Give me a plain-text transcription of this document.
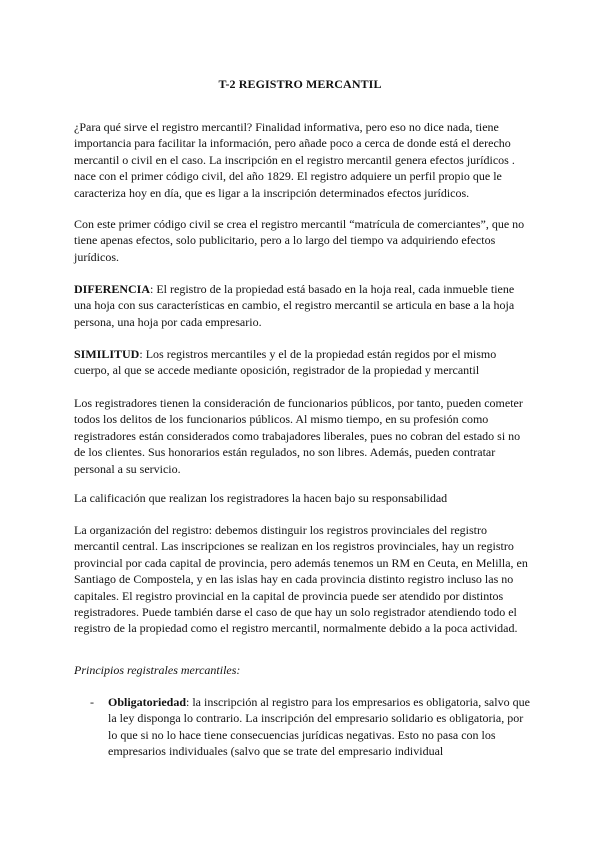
T-2 REGISTRO MERCANTIL

¿Para qué sirve el registro mercantil? Finalidad informativa, pero eso no dice nada, tiene importancia para facilitar la información, pero añade poco a cerca de donde está el derecho mercantil o civil en el caso. La inscripción en el registro mercantil genera efectos jurídicos . nace con el primer código civil, del año 1829. El registro adquiere un perfil propio que le caracteriza hoy en día, que es ligar a la inscripción determinados efectos jurídicos.

Con este primer código civil se crea el registro mercantil “matrícula de comerciantes”, que no tiene apenas efectos, solo publicitario, pero a lo largo del tiempo va adquiriendo efectos jurídicos.

DIFERENCIA: El registro de la propiedad está basado en la hoja real, cada inmueble tiene una hoja con sus características en cambio, el registro mercantil se articula en base a la hoja persona, una hoja por cada empresario.

SIMILITUD: Los registros mercantiles y el de la propiedad están regidos por el mismo cuerpo, al que se accede mediante oposición, registrador de la propiedad y mercantil

Los registradores tienen la consideración de funcionarios públicos, por tanto, pueden cometer todos los delitos de los funcionarios públicos. Al mismo tiempo, en su profesión como registradores están considerados como trabajadores liberales, pues no cobran del estado si no de los clientes. Sus honorarios están regulados, no son libres. Además, pueden contratar personal a su servicio.

La calificación que realizan los registradores la hacen bajo su responsabilidad

La organización del registro: debemos distinguir los registros provinciales del registro mercantil central. Las inscripciones se realizan en los registros provinciales, hay un registro provincial por cada capital de provincia, pero además tenemos un RM en Ceuta, en Melilla, en Santiago de Compostela, y en las islas hay en cada provincia distinto registro incluso las no capitales. El registro provincial en la capital de provincia puede ser atendido por distintos registradores. Puede también darse el caso de que hay un solo registrador atendiendo todo el registro de la propiedad como el registro mercantil, normalmente debido a la poca actividad.

Principios registrales mercantiles:

- Obligatoriedad: la inscripción al registro para los empresarios es obligatoria, salvo que la ley disponga lo contrario. La inscripción del empresario solidario es obligatoria, por lo que si no lo hace tiene consecuencias jurídicas negativas. Esto no pasa con los empresarios individuales (salvo que se trate del empresario individual
